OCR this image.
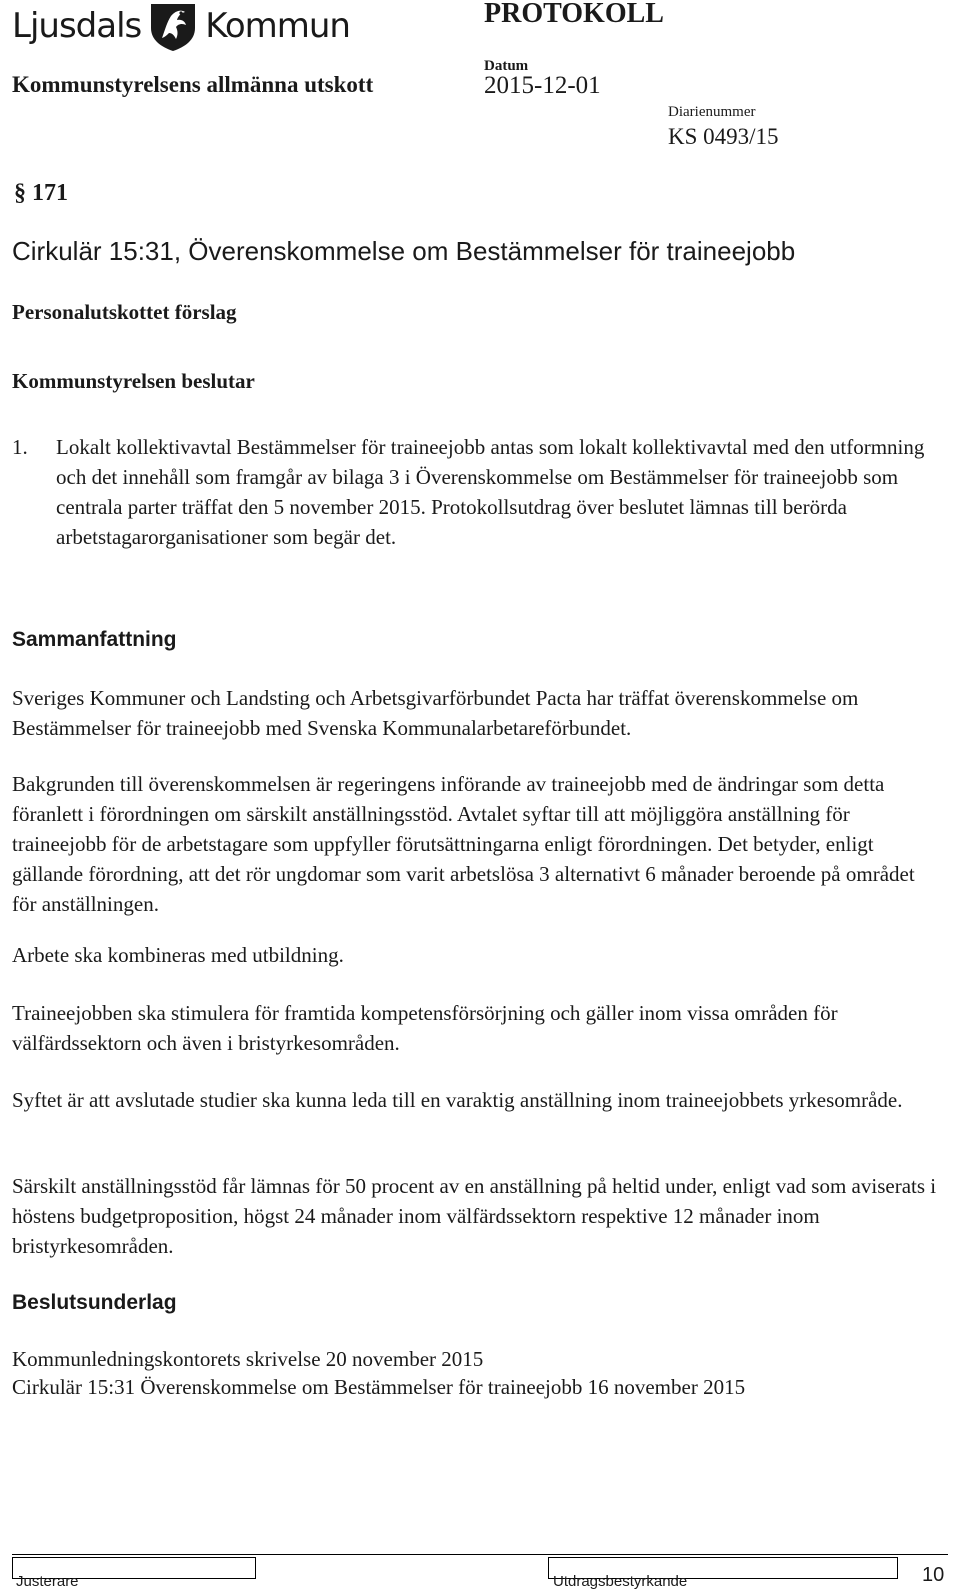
Ljusdals Kommun	PROTOKOLL
Kommunstyrelsens allmänna utskott
Datum
2015-12-01
Diarienummer
KS 0493/15
§ 171
Cirkulär 15:31, Överenskommelse om Bestämmelser för traineejobb
Personalutskottet förslag
Kommunstyrelsen beslutar
1.	Lokalt kollektivavtal Bestämmelser för traineejobb antas som lokalt kollektivavtal med den utformning och det innehåll som framgår av bilaga 3 i Överenskommelse om Bestämmelser för traineejobb som centrala parter träffat den 5 november 2015. Protokollsutdrag över beslutet lämnas till berörda arbetstagarorganisationer som begär det.
Sammanfattning
Sveriges Kommuner och Landsting och Arbetsgivarförbundet Pacta har träffat överenskommelse om Bestämmelser för traineejobb med Svenska Kommunalarbetareförbundet.
Bakgrunden till överenskommelsen är regeringens införande av traineejobb med de ändringar som detta föranlett i förordningen om särskilt anställningsstöd. Avtalet syftar till att möjliggöra anställning för traineejobb för de arbetstagare som uppfyller förutsättningarna enligt förordningen. Det betyder, enligt gällande förordning, att det rör ungdomar som varit arbetslösa 3 alternativt 6 månader beroende på området för anställningen.
Arbete ska kombineras med utbildning.
Traineejobben ska stimulera för framtida kompetensförsörjning och gäller inom vissa områden för välfärdssektorn och även i bristyrkesområden.
Syftet är att avslutade studier ska kunna leda till en varaktig anställning inom traineejobbets yrkesområde.
Särskilt anställningsstöd får lämnas för 50 procent av en anställning på heltid under, enligt vad som aviserats i höstens budgetproposition, högst 24 månader inom välfärdssektorn respektive 12 månader inom bristyrkesområden.
Beslutsunderlag
Kommunledningskontorets skrivelse 20 november 2015
Cirkulär 15:31 Överenskommelse om Bestämmelser för traineejobb 16 november 2015
Justerare	Utdragsbestyrkande	10
